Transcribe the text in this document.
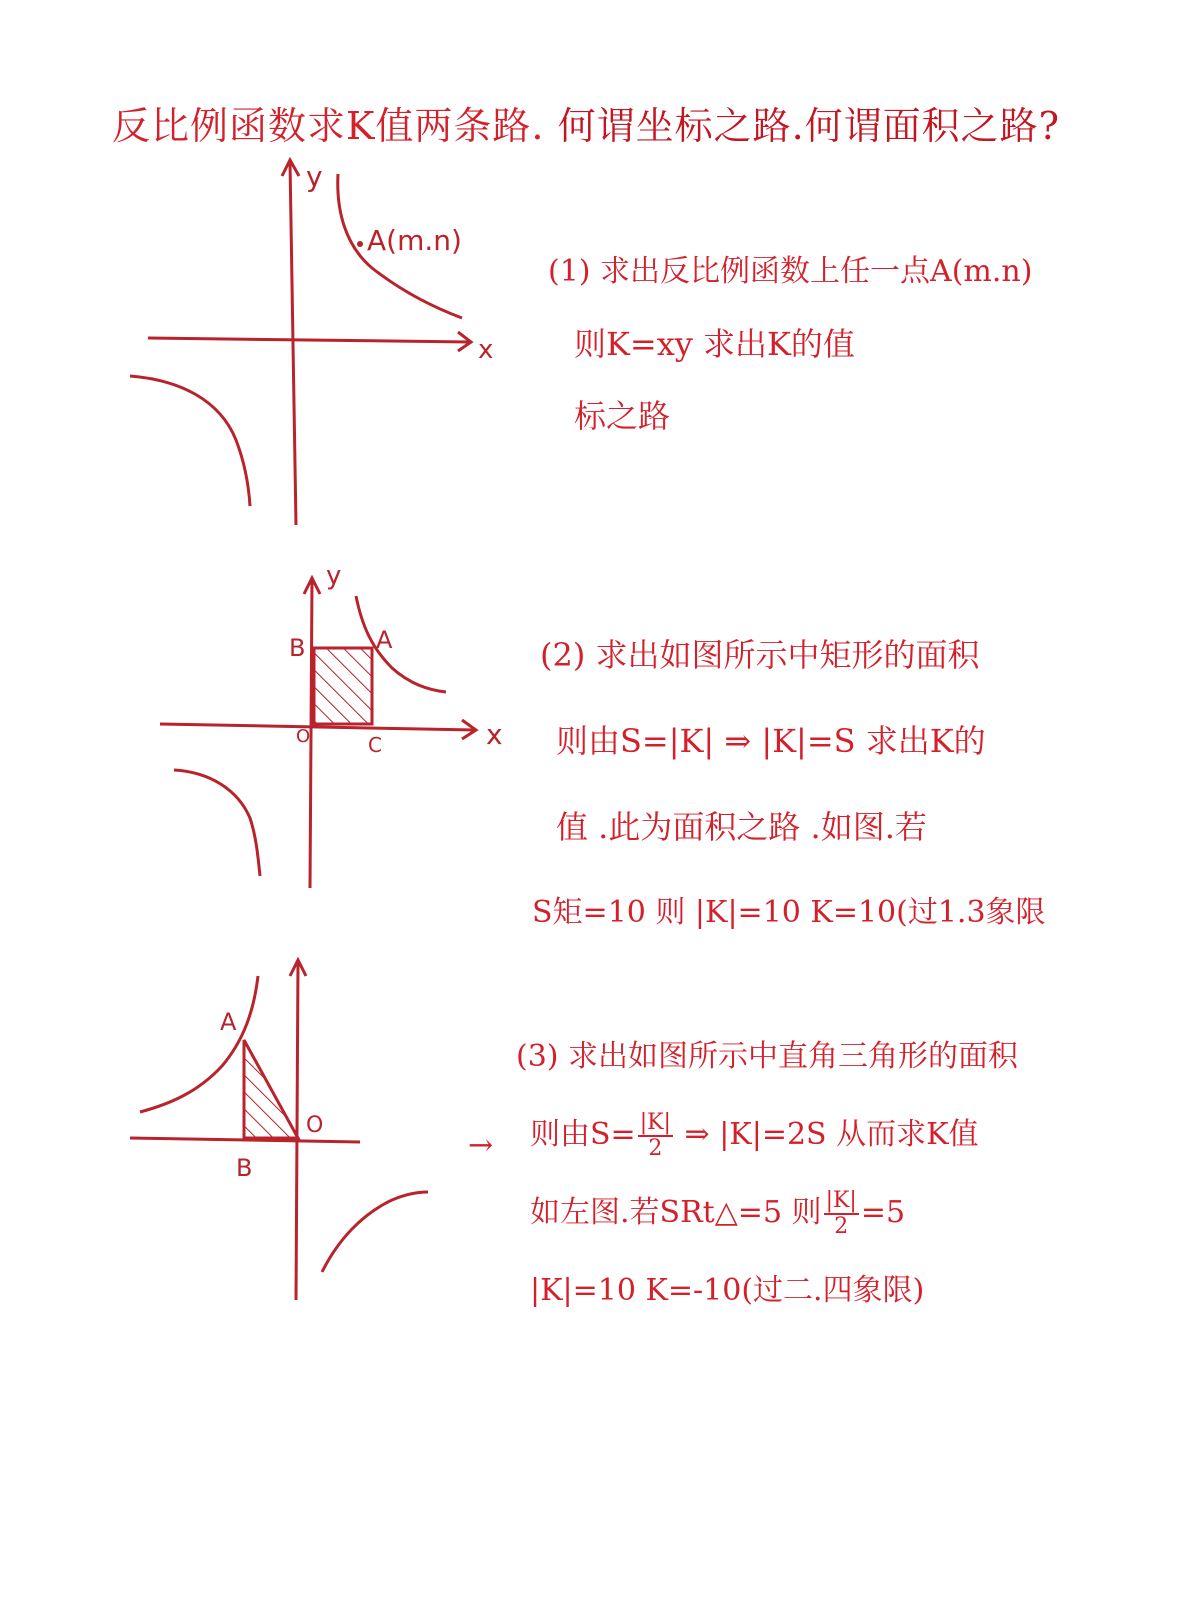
反比例函数求K值两条路. 何谓坐标之路.何谓面积之路?
y
x
A(m.n)
y
x
B	A
O	C
A
O
B
(1) 求出反比例函数上任一点A(m.n)
则K=xy 求出K的值
标之路
(2) 求出如图所示中矩形的面积
则由S=|K| ⇒ |K|=S 求出K的
值 .此为面积之路 .如图.若
S矩=10 则 |K|=10 K=10(过1.3象限
→
(3) 求出如图所示中直角三角形的面积
则由$S= \frac{|K|}{2}$ ⇒ |K|=2S 从而求K值
如左图.若SRt△=5 则 $\frac{|K|}{2} =5$
|K|=10 K=-10(过二.四象限)
